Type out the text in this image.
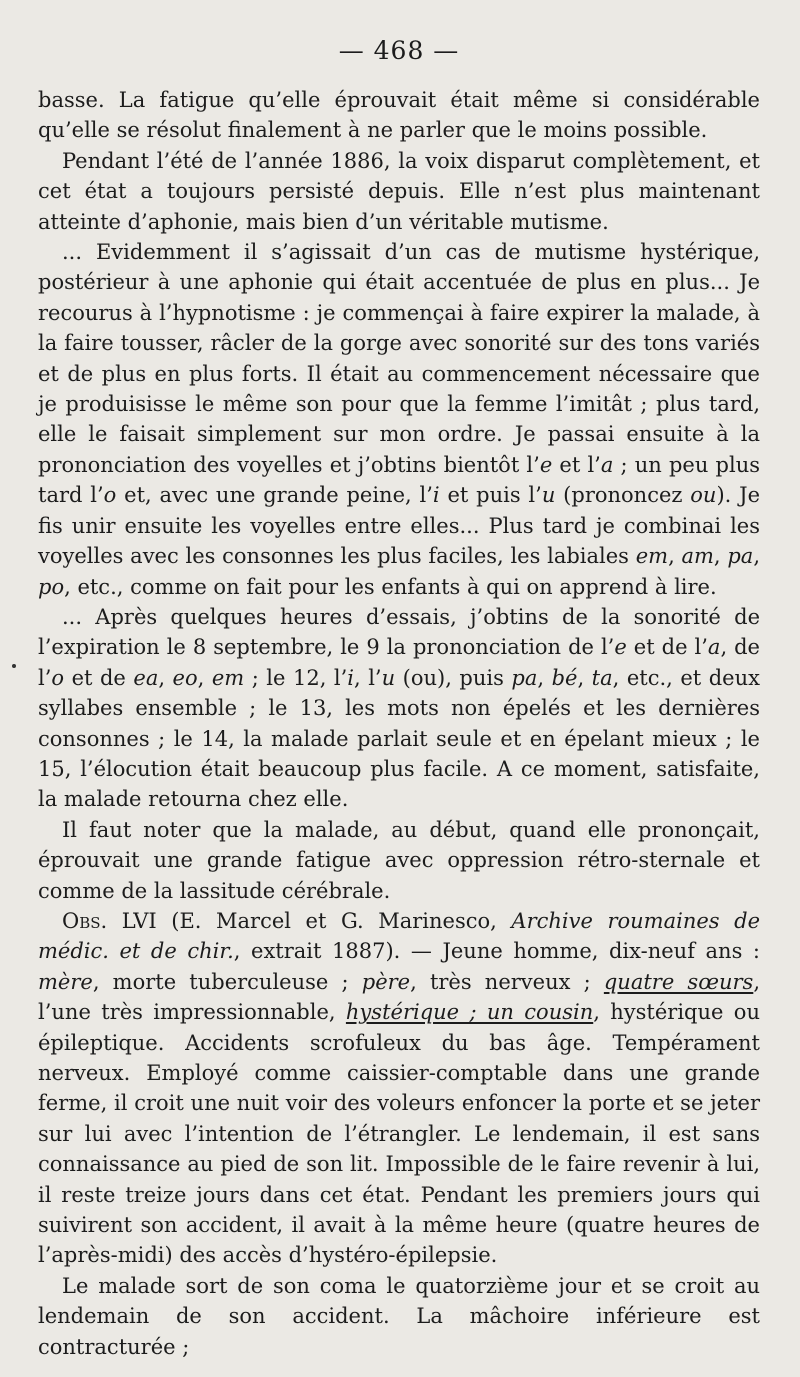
— 468 —

basse. La fatigue qu’elle éprouvait était même si considérable qu’elle se résolut finalement à ne parler que le moins possible.

Pendant l’été de l’année 1886, la voix disparut complètement, et cet état a toujours persisté depuis. Elle n’est plus maintenant atteinte d’aphonie, mais bien d’un véritable mutisme.

... Evidemment il s’agissait d’un cas de mutisme hystérique, postérieur à une aphonie qui était accentuée de plus en plus... Je recourus à l’hypnotisme : je commençai à faire expirer la malade, à la faire tousser, râcler de la gorge avec sonorité sur des tons variés et de plus en plus forts. Il était au commencement nécessaire que je produisisse le même son pour que la femme l’imitât ; plus tard, elle le faisait simplement sur mon ordre. Je passai ensuite à la prononciation des voyelles et j’obtins bientôt l’e et l’a ; un peu plus tard l’o et, avec une grande peine, l’i et puis l’u (prononcez ou). Je fis unir ensuite les voyelles entre elles... Plus tard je combinai les voyelles avec les consonnes les plus faciles, les labiales em, am, pa, po, etc., comme on fait pour les enfants à qui on apprend à lire.

... Après quelques heures d’essais, j’obtins de la sonorité de l’expiration le 8 septembre, le 9 la prononciation de l’e et de l’a, de l’o et de ea, eo, em ; le 12, l’i, l’u (ou), puis pa, bé, ta, etc., et deux syllabes ensemble ; le 13, les mots non épelés et les dernières consonnes ; le 14, la malade parlait seule et en épelant mieux ; le 15, l’élocution était beaucoup plus facile. A ce moment, satisfaite, la malade retourna chez elle.

Il faut noter que la malade, au début, quand elle prononçait, éprouvait une grande fatigue avec oppression rétro-sternale et comme de la lassitude cérébrale.

Obs. LVI (E. Marcel et G. Marinesco, Archive roumaines de médic. et de chir., extrait 1887). — Jeune homme, dix-neuf ans : mère, morte tuberculeuse ; père, très nerveux ; quatre sœurs, l’une très impressionnable, hystérique ; un cousin, hystérique ou épileptique. Accidents scrofuleux du bas âge. Tempérament nerveux. Employé comme caissier-comptable dans une grande ferme, il croit une nuit voir des voleurs enfoncer la porte et se jeter sur lui avec l’intention de l’étrangler. Le lendemain, il est sans connaissance au pied de son lit. Impossible de le faire revenir à lui, il reste treize jours dans cet état. Pendant les premiers jours qui suivirent son accident, il avait à la même heure (quatre heures de l’après-midi) des accès d’hystéro-épilepsie.

Le malade sort de son coma le quatorzième jour et se croit au lendemain de son accident. La mâchoire inférieure est contracturée ;
